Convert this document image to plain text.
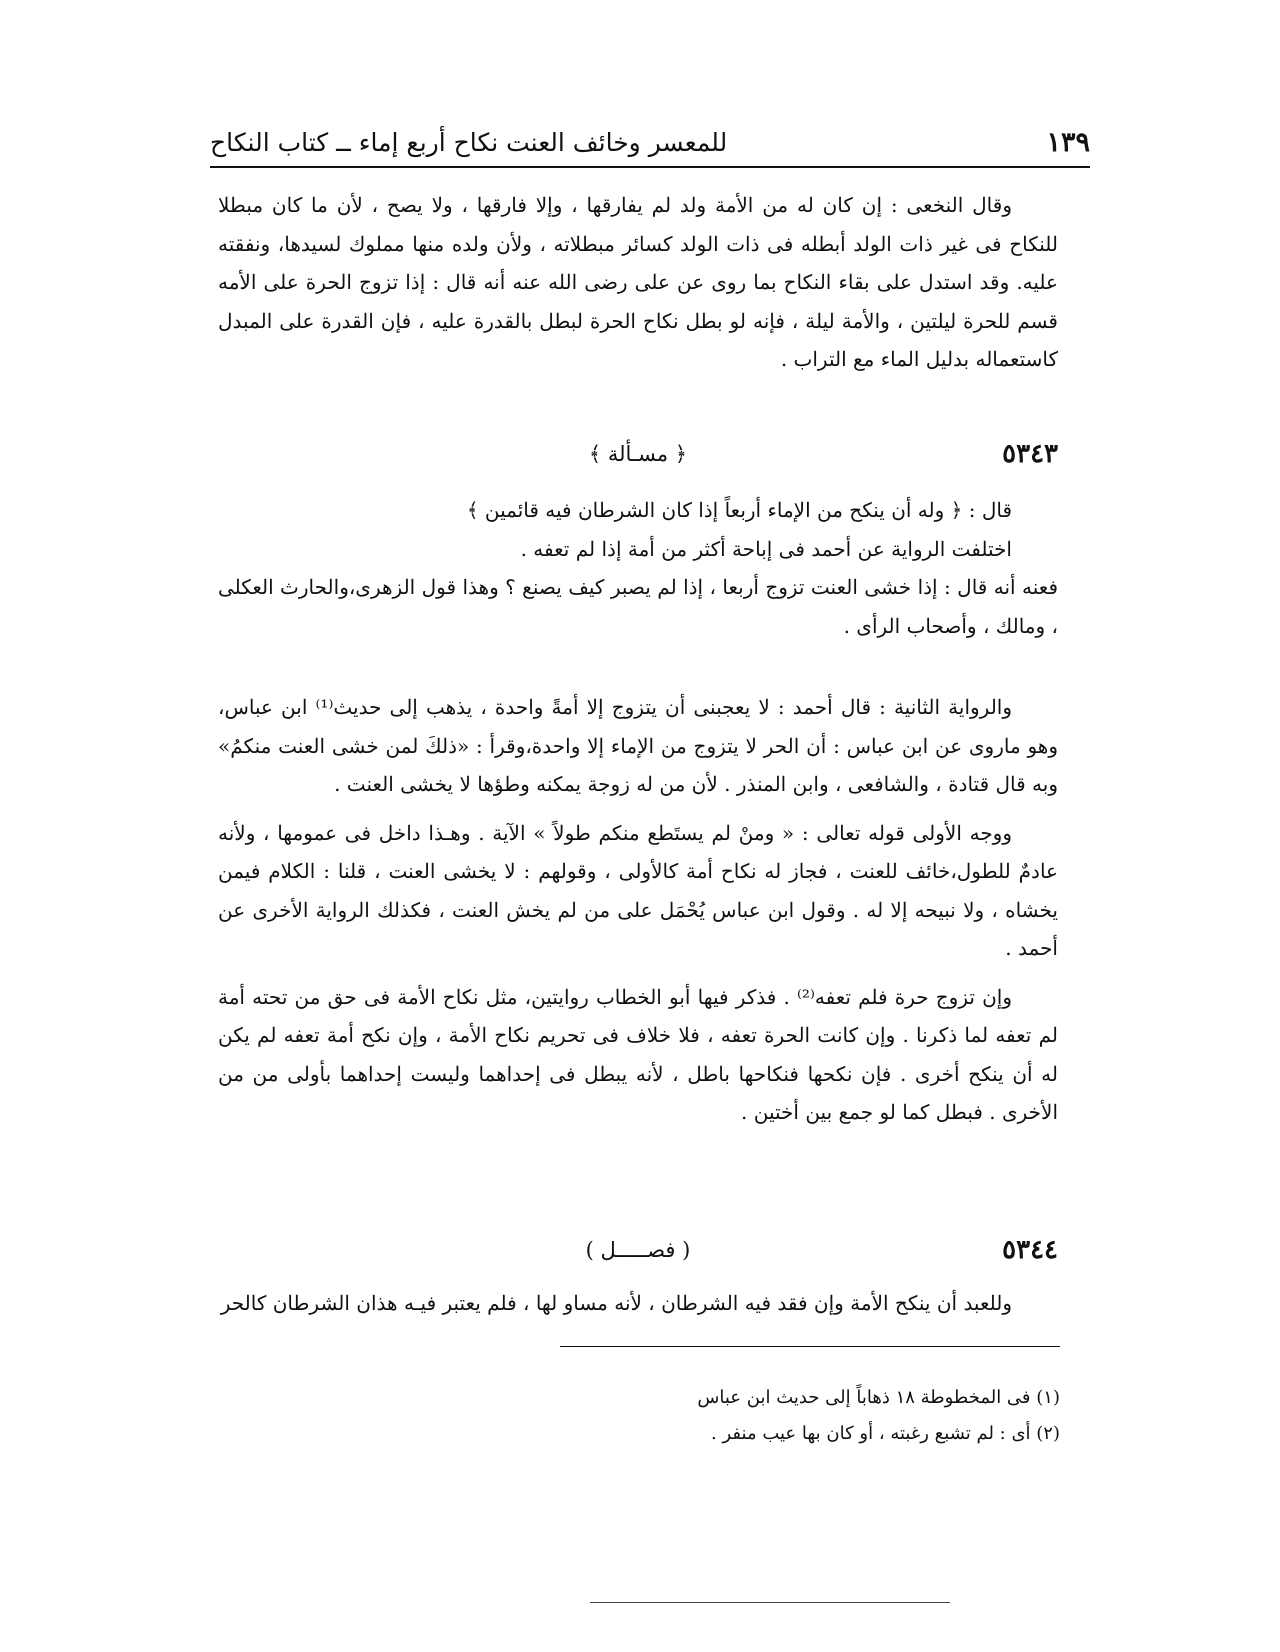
١٣٩
للمعسر وخائف العنت نكاح أربع إماء ــ كتاب النكاح

وقال النخعى : إن كان له من الأمة ولد لم يفارقها ، وإلا فارقها ، ولا يصح ، لأن ما كان مبطلا للنكاح فى غير ذات الولد أبطله فى ذات الولد كسائر مبطلاته ، ولأن ولده منها مملوك لسيدها، ونفقته عليه. وقد استدل على بقاء النكاح بما روى عن على رضى الله عنه أنه قال : إذا تزوج الحرة على الأمه قسم للحرة ليلتين ، والأمة ليلة ، فإنه لو بطل نكاح الحرة لبطل بالقدرة عليه ، فإن القدرة على المبدل كاستعماله بدليل الماء مع التراب .

٥٣٤٣
﴿ مسـألة ﴾

قال : ﴿ وله أن ينكح من الإماء أربعاً إذا كان الشرطان فيه قائمين ﴾

اختلفت الرواية عن أحمد فى إباحة أكثر من أمة إذا لم تعفه .

فعنه أنه قال : إذا خشى العنت تزوج أربعا ، إذا لم يصبر كيف يصنع ؟ وهذا قول الزهرى،والحارث العكلى ، ومالك ، وأصحاب الرأى .

والرواية الثانية : قال أحمد : لا يعجبنى أن يتزوج إلا أمةً واحدة ، يذهب إلى حديث⁽¹⁾ ابن عباس، وهو ماروى عن ابن عباس : أن الحر لا يتزوج من الإماء إلا واحدة،وقرأ : «ذلكَ لمن خشى العنت منكمُ» وبه قال قتادة ، والشافعى ، وابن المنذر . لأن من له زوجة يمكنه وطؤها لا يخشى العنت .

ووجه الأولى قوله تعالى : « ومنْ لم يستَطع منكم طولاً » الآية . وهـذا داخل فى عمومها ، ولأنه عادمٌ للطول،خائف للعنت ، فجاز له نكاح أمة كالأولى ، وقولهم : لا يخشى العنت ، قلنا : الكلام فيمن يخشاه ، ولا نبيحه إلا له . وقول ابن عباس يُحْمَل على من لم يخش العنت ، فكذلك الرواية الأخرى عن أحمد .

وإن تزوج حرة فلم تعفه⁽²⁾ . فذكر فيها أبو الخطاب روايتين، مثل نكاح الأمة فى حق من تحته أمة لم تعفه لما ذكرنا . وإن كانت الحرة تعفه ، فلا خلاف فى تحريم نكاح الأمة ، وإن نكح أمة تعفه لم يكن له أن ينكح أخرى . فإن نكحها فنكاحها باطل ، لأنه يبطل فى إحداهما وليست إحداهما بأولى من من الأخرى . فبطل كما لو جمع بين أختين .

٥٣٤٤
( فصـــــل )

وللعبد أن ينكح الأمة وإن فقد فيه الشرطان ، لأنه مساو لها ، فلم يعتبر فيـه هذان الشرطان كالحر

(١) فى المخطوطة ١٨ ذهاباً إلى حديث ابن عباس

(٢) أى : لم تشبع رغبته ، أو كان بها عيب منفر .
